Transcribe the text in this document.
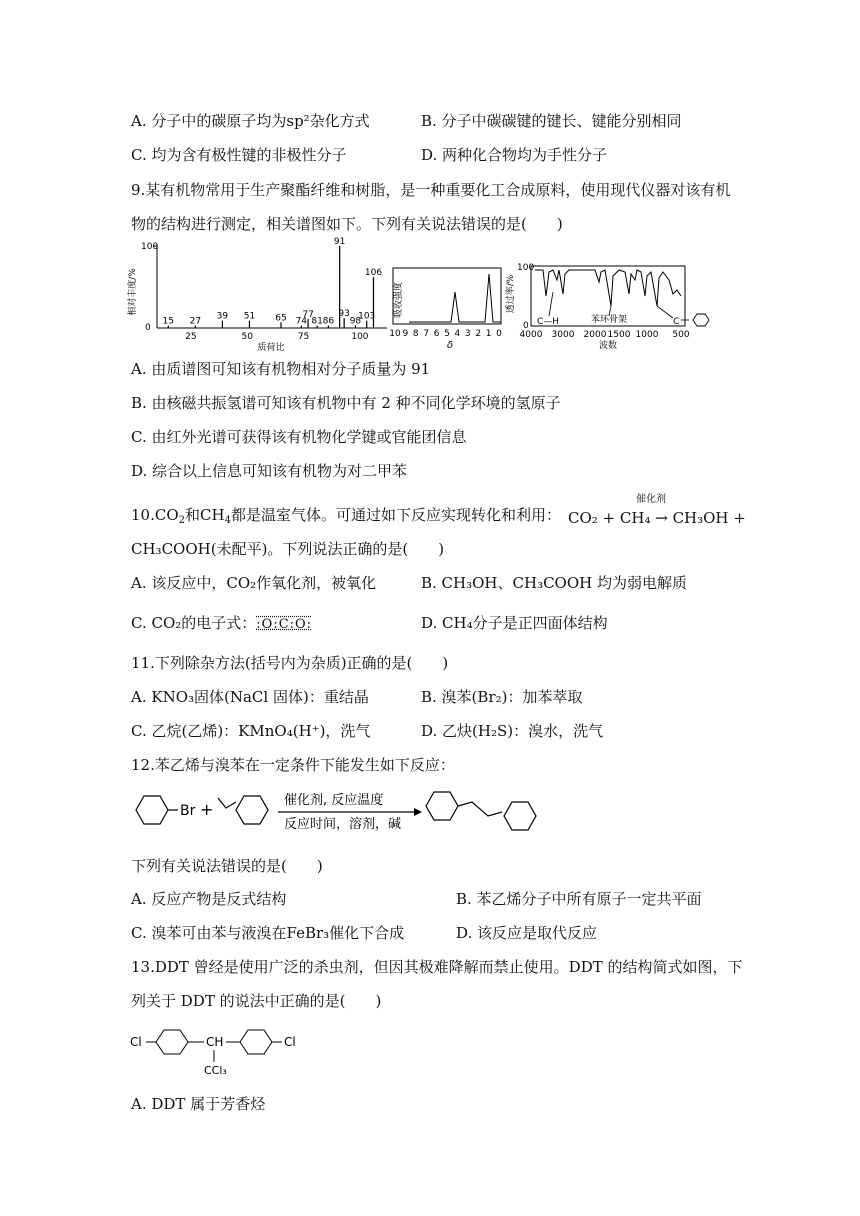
A. 分子中的碳原子均为sp²杂化方式	B. 分子中碳碳键的键长、键能分别相同
C. 均为含有极性键的非极性分子	D. 两种化合物均为手性分子
9.某有机物常用于生产聚酯纤维和树脂，是一种重要化工合成原料，使用现代仪器对该有机
物的结构进行测定，相关谱图如下。下列有关说法错误的是(　　)
相对丰度/%
100
0
15 27 39 51 65 74
77
81 86
91
93
98
103
106
25	50	75	100
质荷比
吸收强度
10 9 8 7 6 5 4 3 2 1 0
δ
透过率/%
100
0 C—H	苯环骨架	C
4000 3000 2000 1500 1000 500
波数
A. 由质谱图可知该有机物相对分子质量为 91
B. 由核磁共振氢谱可知该有机物中有 2 种不同化学环境的氢原子
C. 由红外光谱可获得该有机物化学键或官能团信息
D. 综合以上信息可知该有机物为对二甲苯
$10.CO_2$和$CH_4$都是温室气体。可通过如下反应实现转化和利用：
催化剂
CO₂ + CH₄ → CH₃OH +
CH₃COOH(未配平)。下列说法正确的是(　　)
A. 该反应中，CO₂作氧化剂，被氧化	B. CH₃OH、CH₃COOH 均为弱电解质
C. CO₂的电子式：:O:C:O:	D. CH₄分子是正四面体结构
11.下列除杂方法(括号内为杂质)正确的是(　　)
A. KNO₃固体(NaCl 固体)：重结晶	B. 溴苯(Br₂)：加苯萃取
C. 乙烷(乙烯)：KMnO₄(H⁺)，洗气	D. 乙炔(H₂S)：溴水，洗气
12.苯乙烯与溴苯在一定条件下能发生如下反应：
Br +	催化剂, 反应温度
反应时间，溶剂，碱
下列有关说法错误的是(　　)
A. 反应产物是反式结构	B. 苯乙烯分子中所有原子一定共平面
C. 溴苯可由苯与液溴在FeBr₃催化下合成	D. 该反应是取代反应
13.DDT 曾经是使用广泛的杀虫剂，但因其极难降解而禁止使用。DDT 的结构简式如图，下
列关于 DDT 的说法中正确的是(　　)
Cl	CH
CCl₃
Cl
A. DDT 属于芳香烃
